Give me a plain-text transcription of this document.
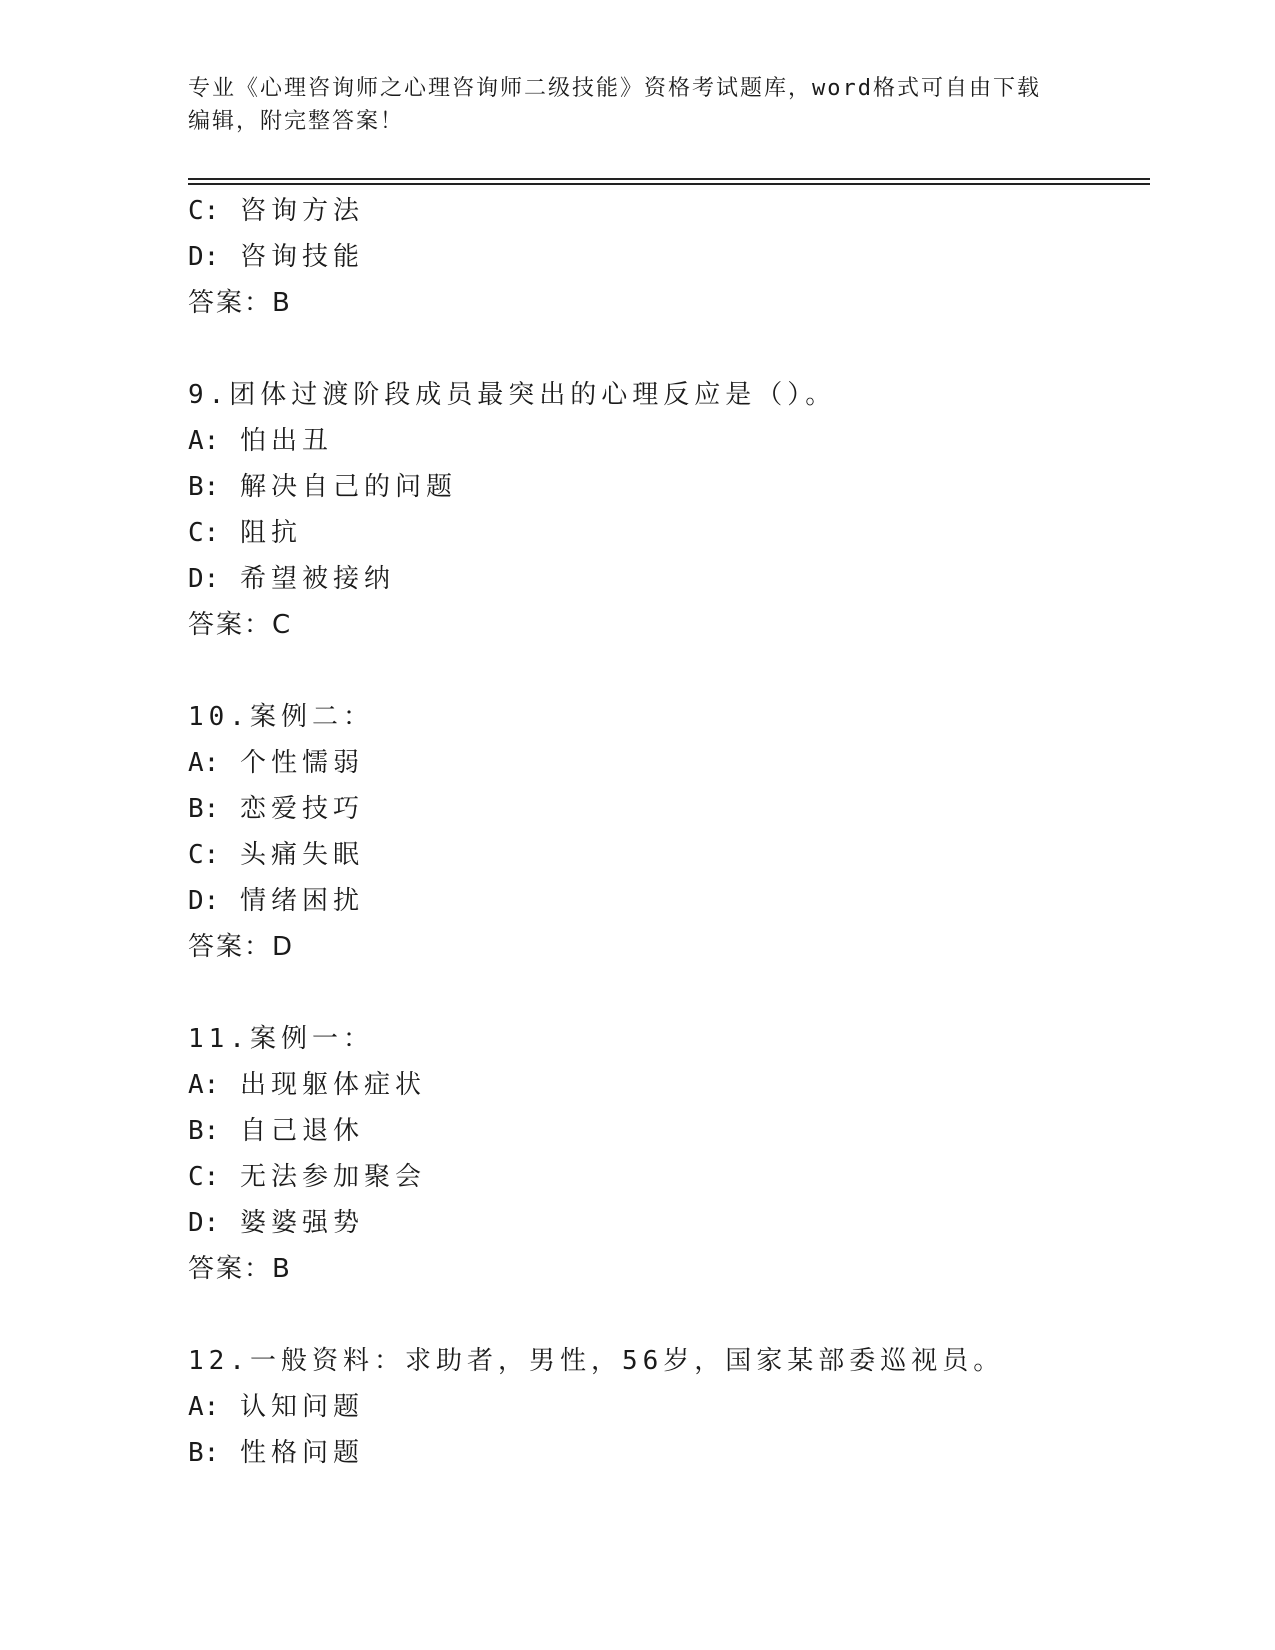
专业《心理咨询师之心理咨询师二级技能》资格考试题库，word格式可自由下载
编辑，附完整答案！
C: 咨询方法
D: 咨询技能
答案：B
9.团体过渡阶段成员最突出的心理反应是（）。
A: 怕出丑
B: 解决自己的问题
C: 阻抗
D: 希望被接纳
答案：C
10.案例二：
A: 个性懦弱
B: 恋爱技巧
C: 头痛失眠
D: 情绪困扰
答案：D
11.案例一：
A: 出现躯体症状
B: 自己退休
C: 无法参加聚会
D: 婆婆强势
答案：B
12.一般资料：求助者，男性，56岁，国家某部委巡视员。
A: 认知问题
B: 性格问题
